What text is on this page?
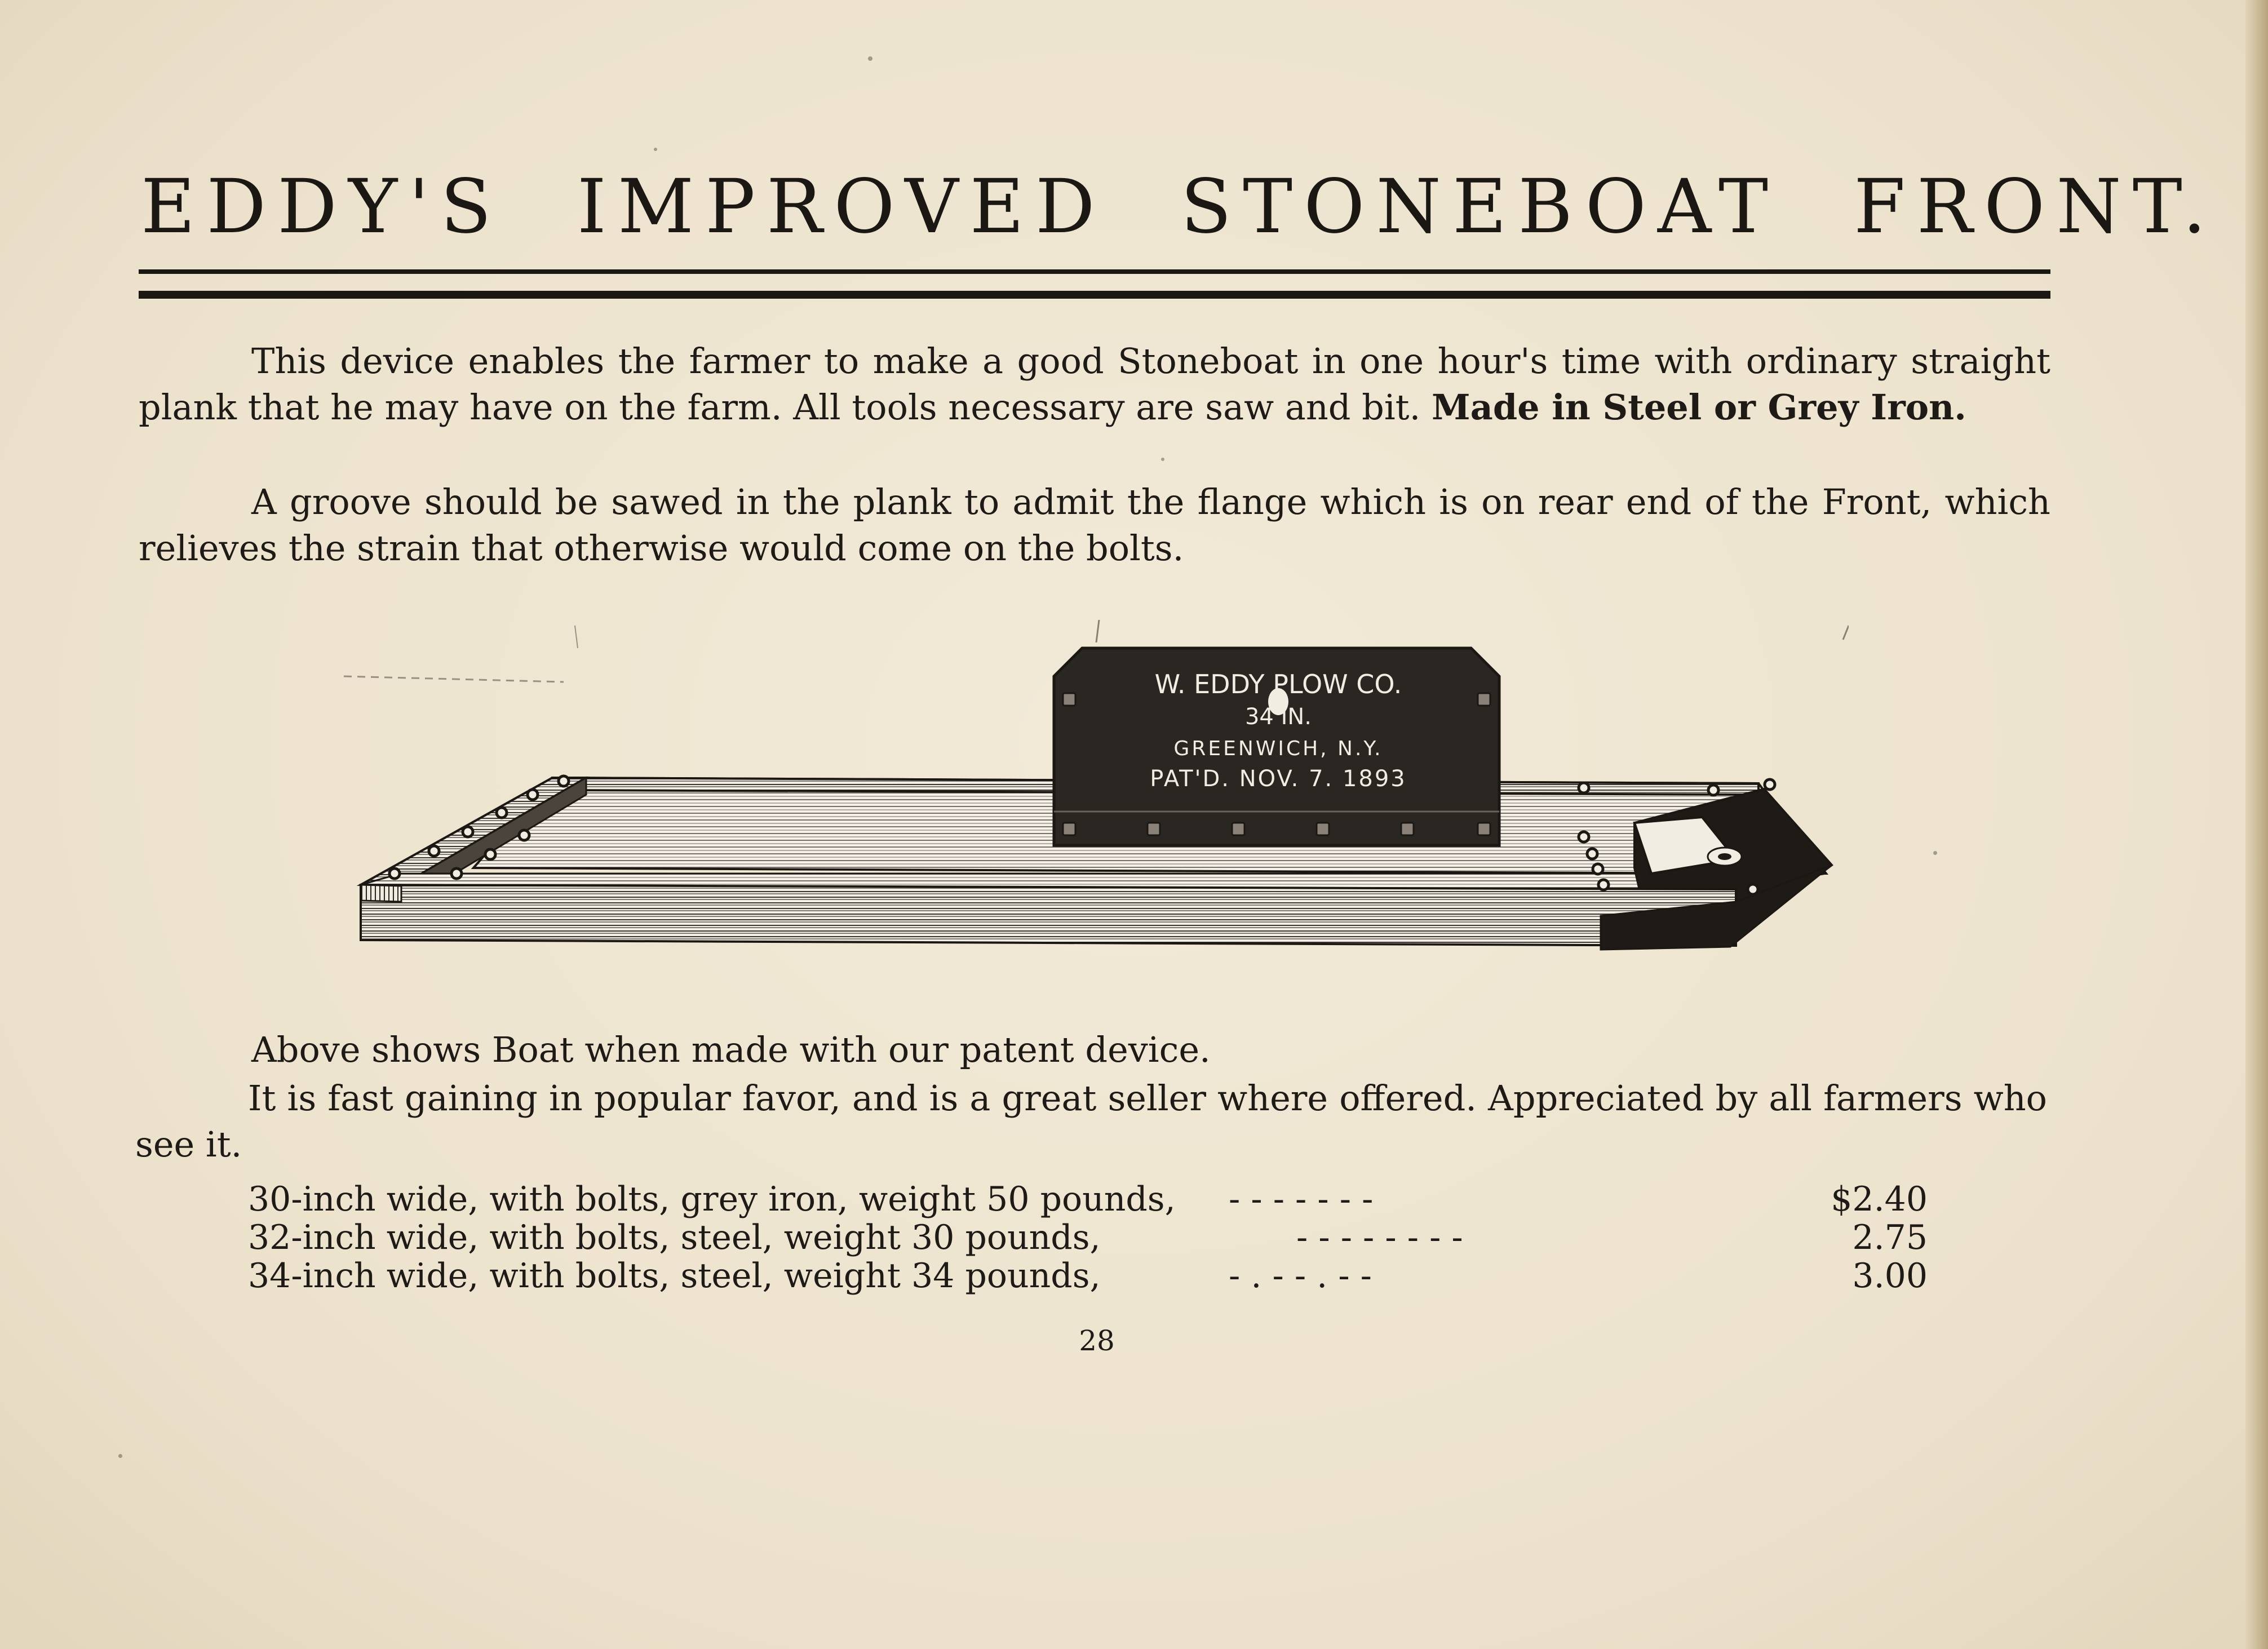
EDDY'S IMPROVED STONEBOAT FRONT.
This device enables the farmer to make a good Stoneboat in one hour's time with ordinary straight plank that he may have on the farm. All tools necessary are saw and bit. Made in Steel or Grey Iron.
A groove should be sawed in the plank to admit the flange which is on rear end of the Front, which relieves the strain that otherwise would come on the bolts.
W. EDDY PLOW CO.
34 IN.
GREENWICH, N.Y.
PAT'D. NOV. 7. 1893
Above shows Boat when made with our patent device.
It is fast gaining in popular favor, and is a great seller where offered. Appreciated by all farmers who see it.
30-inch wide, with bolts, grey iron, weight 50 pounds, - - - - - - -	$2.40
32-inch wide, with bolts, steel, weight 30 pounds,	- - - - - - - -	2.75
34-inch wide, with bolts, steel, weight 34 pounds,	- . - - . - -	3.00
28
